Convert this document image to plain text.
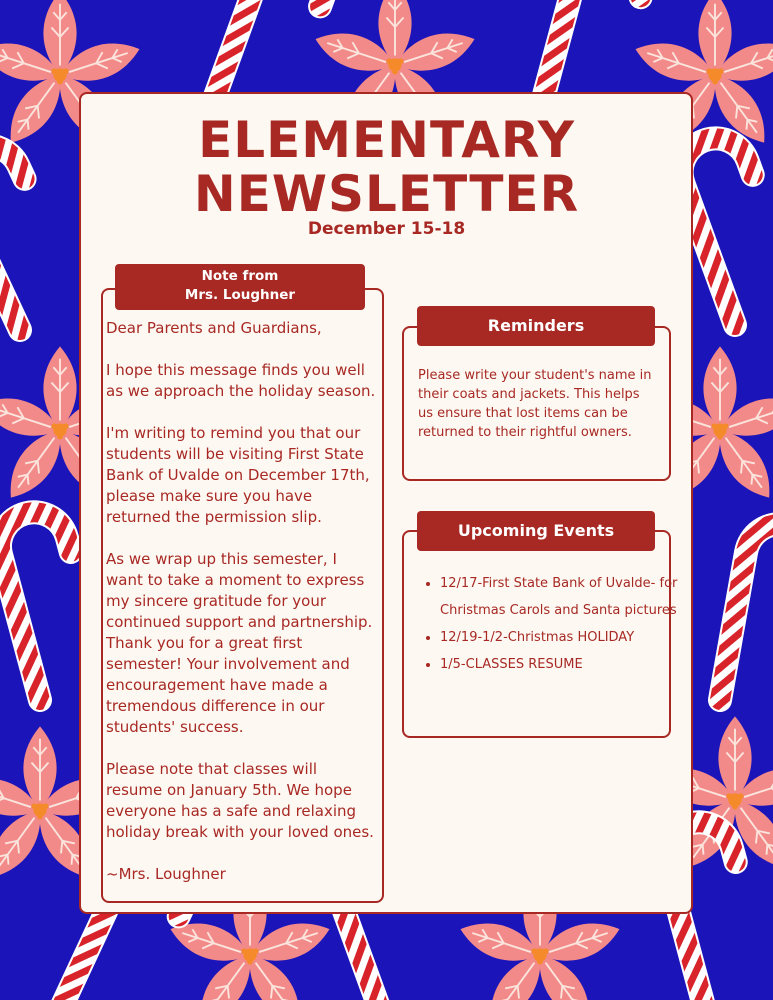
ELEMENTARY
NEWSLETTER
December 15-18
Note from
Mrs. Loughner

Dear Parents and Guardians,

I hope this message finds you well as we approach the holiday season.

I'm writing to remind you that our students will be visiting First State Bank of Uvalde on December 17th, please make sure you have returned the permission slip.

As we wrap up this semester, I want to take a moment to express my sincere gratitude for your continued support and partnership. Thank you for a great first semester! Your involvement and encouragement have made a tremendous difference in our students' success.

Please note that classes will resume on January 5th. We hope everyone has a safe and relaxing holiday break with your loved ones.

~Mrs. Loughner

Reminders
Please write your student's name in their coats and jackets. This helps us ensure that lost items can be returned to their rightful owners.
Upcoming Events
• 12/17-First State Bank of Uvalde- for Christmas Carols and Santa pictures
• 12/19-1/2-Christmas HOLIDAY
• 1/5-CLASSES RESUME
